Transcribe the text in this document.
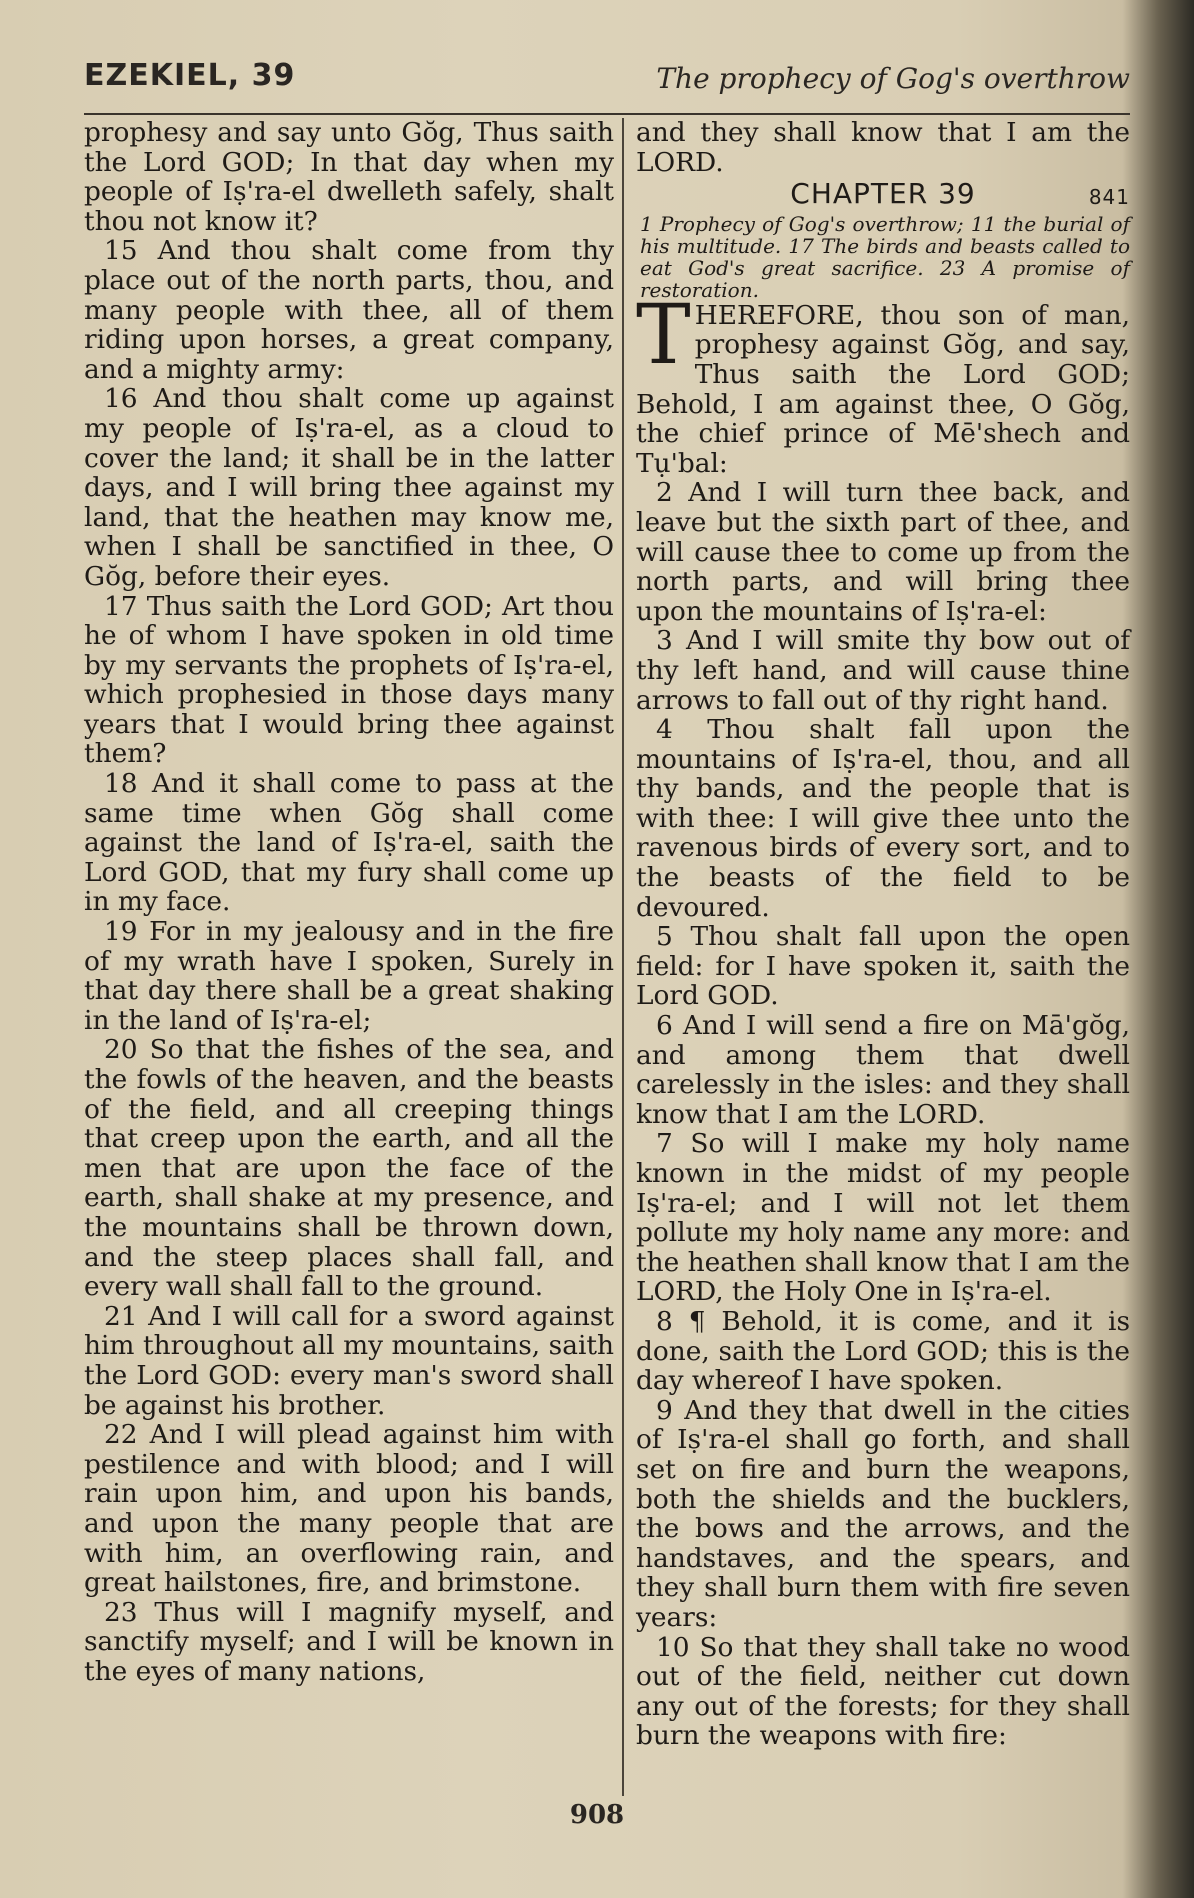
EZEKIEL, 39	The prophecy of Gog's overthrow

prophesy and say unto Gŏg, Thus saith the Lord GOD; In that day when my people of Iṣ'ra-el dwelleth safely, shalt thou not know it?

15 And thou shalt come from thy place out of the north parts, thou, and many people with thee, all of them riding upon horses, a great company, and a mighty army:

16 And thou shalt come up against my people of Iṣ'ra-el, as a cloud to cover the land; it shall be in the latter days, and I will bring thee against my land, that the heathen may know me, when I shall be sanctified in thee, O Gŏg, before their eyes.

17 Thus saith the Lord GOD; Art thou he of whom I have spoken in old time by my servants the prophets of Iṣ'ra-el, which prophesied in those days many years that I would bring thee against them?

18 And it shall come to pass at the same time when Gŏg shall come against the land of Iṣ'ra-el, saith the Lord GOD, that my fury shall come up in my face.

19 For in my jealousy and in the fire of my wrath have I spoken, Surely in that day there shall be a great shaking in the land of Iṣ'ra-el;

20 So that the fishes of the sea, and the fowls of the heaven, and the beasts of the field, and all creeping things that creep upon the earth, and all the men that are upon the face of the earth, shall shake at my presence, and the mountains shall be thrown down, and the steep places shall fall, and every wall shall fall to the ground.

21 And I will call for a sword against him throughout all my mountains, saith the Lord GOD: every man's sword shall be against his brother.

22 And I will plead against him with pestilence and with blood; and I will rain upon him, and upon his bands, and upon the many people that are with him, an overflowing rain, and great hailstones, fire, and brimstone.

23 Thus will I magnify myself, and sanctify myself; and I will be known in the eyes of many nations,

and they shall know that I am the LORD.

CHAPTER 39	841

1 Prophecy of Gog's overthrow; 11 the burial of his multitude. 17 The birds and beasts called to eat God's great sacrifice. 23 A promise of restoration.

THEREFORE, thou son of man, prophesy against Gŏg, and say, Thus saith the Lord GOD; Behold, I am against thee, O Gŏg, the chief prince of Mē'shech and Tụ'bal:

2 And I will turn thee back, and leave but the sixth part of thee, and will cause thee to come up from the north parts, and will bring thee upon the mountains of Iṣ'ra-el:

3 And I will smite thy bow out of thy left hand, and will cause thine arrows to fall out of thy right hand.

4 Thou shalt fall upon the mountains of Iṣ'ra-el, thou, and all thy bands, and the people that is with thee: I will give thee unto the ravenous birds of every sort, and to the beasts of the field to be devoured.

5 Thou shalt fall upon the open field: for I have spoken it, saith the Lord GOD.

6 And I will send a fire on Mā'gŏg, and among them that dwell carelessly in the isles: and they shall know that I am the LORD.

7 So will I make my holy name known in the midst of my people Iṣ'ra-el; and I will not let them pollute my holy name any more: and the heathen shall know that I am the LORD, the Holy One in Iṣ'ra-el.

8 ¶ Behold, it is come, and it is done, saith the Lord GOD; this is the day whereof I have spoken.

9 And they that dwell in the cities of Iṣ'ra-el shall go forth, and shall set on fire and burn the weapons, both the shields and the bucklers, the bows and the arrows, and the handstaves, and the spears, and they shall burn them with fire seven years:

10 So that they shall take no wood out of the field, neither cut down any out of the forests; for they shall burn the weapons with fire:

908
